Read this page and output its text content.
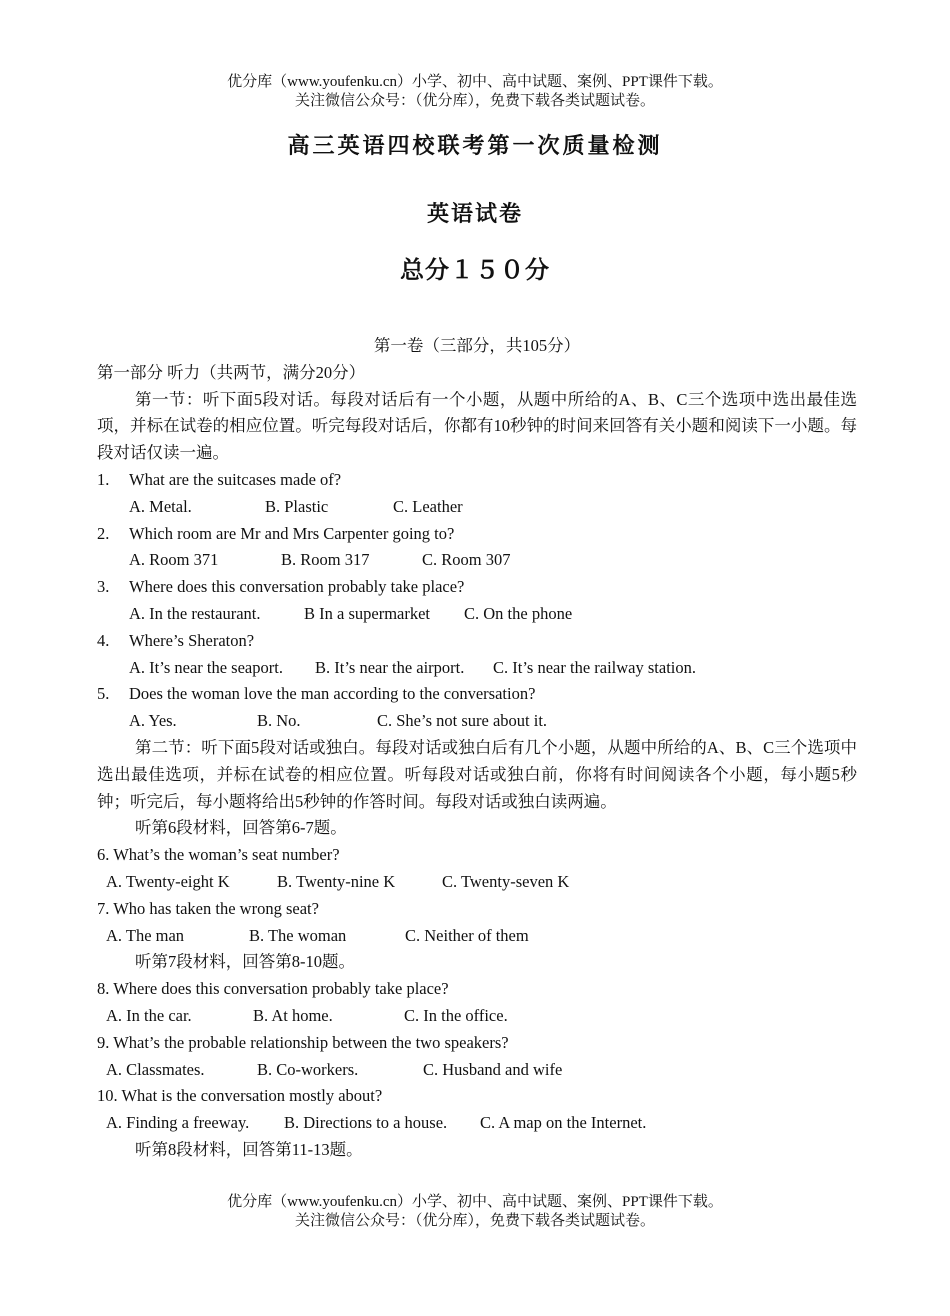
优分库（www.youfenku.cn）小学、初中、高中试题、案例、PPT课件下载。
关注微信公众号：（优分库），免费下载各类试题试卷。
高三英语四校联考第一次质量检测
英语试卷
总分１５０分
第一卷（三部分，共105分）
第一部分 听力（共两节，满分20分）
第一节：听下面5段对话。每段对话后有一个小题，从题中所给的A、B、C三个选项中选出最佳选项，并标在试卷的相应位置。听完每段对话后，你都有10秒钟的时间来回答有关小题和阅读下一小题。每段对话仅读一遍。
1. What are the suitcases made of?
A. Metal.	B. Plastic	C. Leather
2. Which room are Mr and Mrs Carpenter going to?
A. Room 371	B. Room 317	C. Room 307
3. Where does this conversation probably take place?
A. In the restaurant.	B In a supermarket C. On the phone
4. Where’s Sheraton?
A. It’s near the seaport. B. It’s near the airport. C. It’s near the railway station.
5. Does the woman love the man according to the conversation?
A. Yes.	B. No.	C. She’s not sure about it.
第二节：听下面5段对话或独白。每段对话或独白后有几个小题，从题中所给的A、B、C三个选项中选出最佳选项，并标在试卷的相应位置。听每段对话或独白前，你将有时间阅读各个小题，每小题5秒钟；听完后，每小题将给出5秒钟的作答时间。每段对话或独白读两遍。
听第6段材料，回答第6-7题。
6. What’s the woman’s seat number?
A. Twenty-eight K	B. Twenty-nine K	C. Twenty-seven K
7. Who has taken the wrong seat?
A. The man	B. The woman	C. Neither of them
听第7段材料，回答第8-10题。
8. Where does this conversation probably take place?
A. In the car.	B. At home.	C. In the office.
9. What’s the probable relationship between the two speakers?
A. Classmates.	B. Co-workers.	C. Husband and wife
10. What is the conversation mostly about?
A. Finding a freeway. B. Directions to a house. C. A map on the Internet.
听第8段材料，回答第11-13题。
优分库（www.youfenku.cn）小学、初中、高中试题、案例、PPT课件下载。
关注微信公众号：（优分库），免费下载各类试题试卷。
